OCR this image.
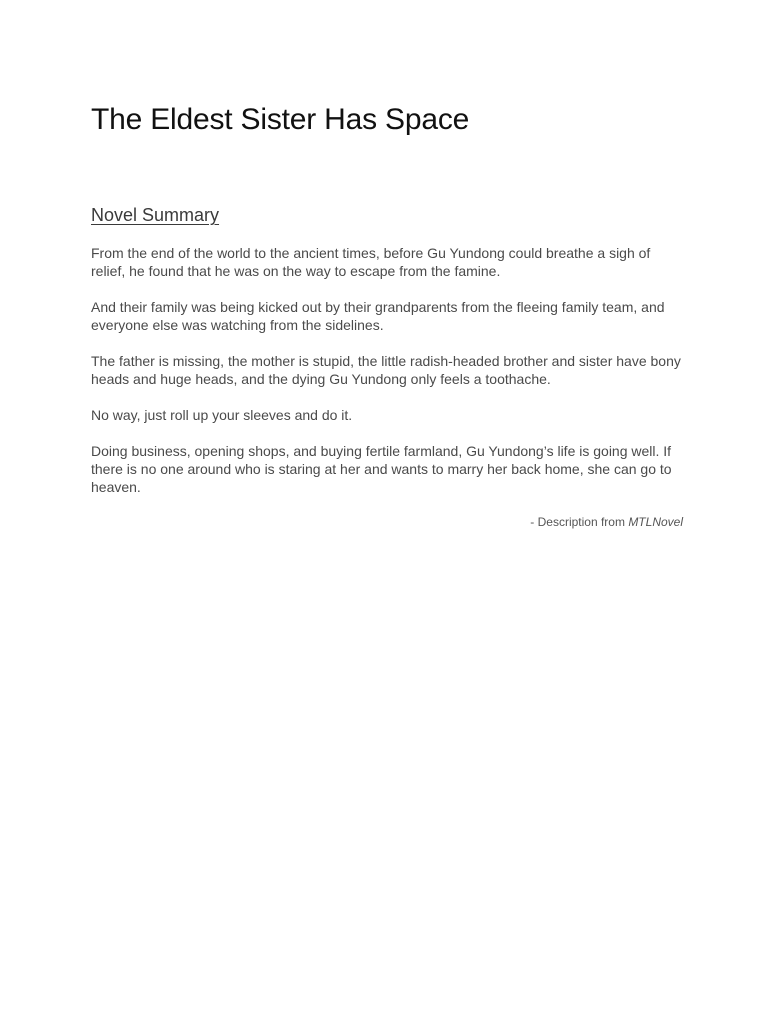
The Eldest Sister Has Space
Novel Summary

From the end of the world to the ancient times, before Gu Yundong could breathe a sigh of relief, he found that he was on the way to escape from the famine.

And their family was being kicked out by their grandparents from the fleeing family team, and everyone else was watching from the sidelines.

The father is missing, the mother is stupid, the little radish-headed brother and sister have bony heads and huge heads, and the dying Gu Yundong only feels a toothache.

No way, just roll up your sleeves and do it.

Doing business, opening shops, and buying fertile farmland, Gu Yundong’s life is going well. If there is no one around who is staring at her and wants to marry her back home, she can go to heaven.

- Description from MTLNovel
